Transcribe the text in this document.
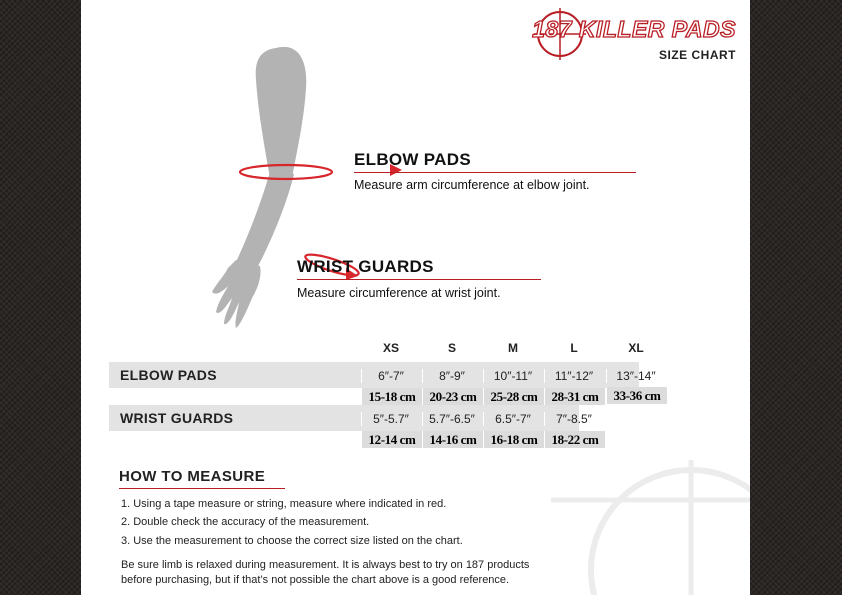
187 KILLER PADS
SIZE CHART
ELBOW PADS
Measure arm circumference at elbow joint.
WRIST GUARDS
Measure circumference at wrist joint.
XS	S	M	L	XL
ELBOW PADS	6″-7″	8″-9″	10″-11″	11″-12″	13″-14″
15-18 cm	20-23 cm	25-28 cm	28-31 cm	33-36 cm
WRIST GUARDS	5″-5.7″	5.7″-6.5″	6.5″-7″	7″-8.5″
12-14 cm	14-16 cm	16-18 cm	18-22 cm
HOW TO MEASURE
1. Using a tape measure or string, measure where indicated in red.
2. Double check the accuracy of the measurement.
3. Use the measurement to choose the correct size listed on the chart.
Be sure limb is relaxed during measurement. It is always best to try on 187 products
before purchasing, but if that’s not possible the chart above is a good reference.
